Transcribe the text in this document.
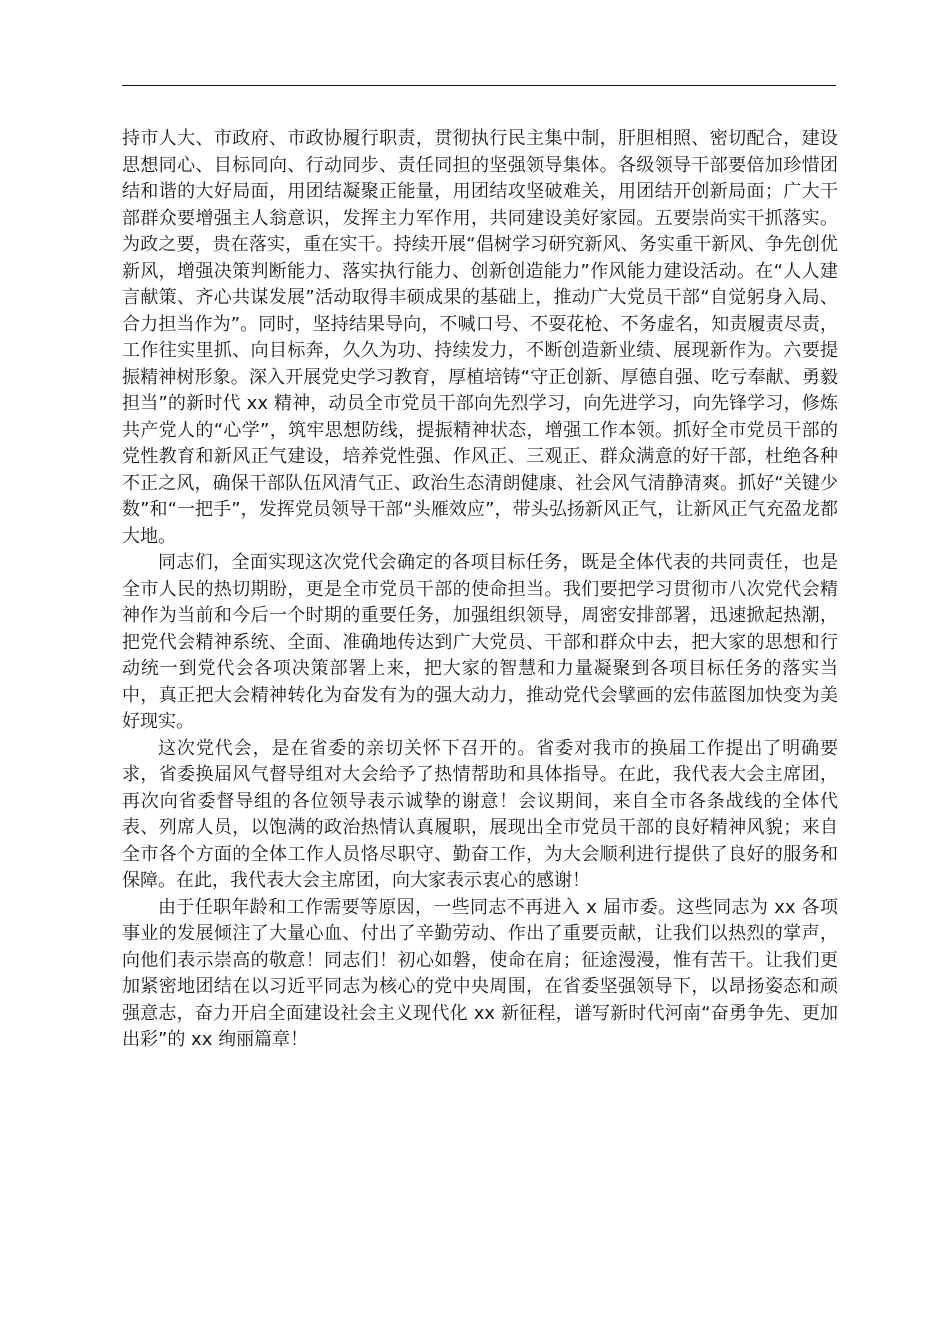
持市人大、市政府、市政协履行职责，贯彻执行民主集中制，肝胆相照、密切配合，建设思想同心、目标同向、行动同步、责任同担的坚强领导集体。各级领导干部要倍加珍惜团结和谐的大好局面，用团结凝聚正能量，用团结攻坚破难关，用团结开创新局面；广大干部群众要增强主人翁意识，发挥主力军作用，共同建设美好家园。五要崇尚实干抓落实。为政之要，贵在落实，重在实干。持续开展“倡树学习研究新风、务实重干新风、争先创优新风，增强决策判断能力、落实执行能力、创新创造能力”作风能力建设活动。在“人人建言献策、齐心共谋发展”活动取得丰硕成果的基础上，推动广大党员干部“自觉躬身入局、合力担当作为”。同时，坚持结果导向，不喊口号、不耍花枪、不务虚名，知责履责尽责，工作往实里抓、向目标奔，久久为功、持续发力，不断创造新业绩、展现新作为。六要提振精神树形象。深入开展党史学习教育，厚植培铸“守正创新、厚德自强、吃亏奉献、勇毅担当”的新时代 xx 精神，动员全市党员干部向先烈学习，向先进学习，向先锋学习，修炼共产党人的“心学”，筑牢思想防线，提振精神状态，增强工作本领。抓好全市党员干部的党性教育和新风正气建设，培养党性强、作风正、三观正、群众满意的好干部，杜绝各种不正之风，确保干部队伍风清气正、政治生态清朗健康、社会风气清静清爽。抓好“关键少数”和“一把手”，发挥党员领导干部“头雁效应”，带头弘扬新风正气，让新风正气充盈龙都大地。

同志们，全面实现这次党代会确定的各项目标任务，既是全体代表的共同责任，也是全市人民的热切期盼，更是全市党员干部的使命担当。我们要把学习贯彻市八次党代会精神作为当前和今后一个时期的重要任务，加强组织领导，周密安排部署，迅速掀起热潮，把党代会精神系统、全面、准确地传达到广大党员、干部和群众中去，把大家的思想和行动统一到党代会各项决策部署上来，把大家的智慧和力量凝聚到各项目标任务的落实当中，真正把大会精神转化为奋发有为的强大动力，推动党代会擘画的宏伟蓝图加快变为美好现实。

这次党代会，是在省委的亲切关怀下召开的。省委对我市的换届工作提出了明确要求，省委换届风气督导组对大会给予了热情帮助和具体指导。在此，我代表大会主席团，再次向省委督导组的各位领导表示诚挚的谢意！会议期间，来自全市各条战线的全体代表、列席人员，以饱满的政治热情认真履职，展现出全市党员干部的良好精神风貌；来自全市各个方面的全体工作人员恪尽职守、勤奋工作，为大会顺利进行提供了良好的服务和保障。在此，我代表大会主席团，向大家表示衷心的感谢！

由于任职年龄和工作需要等原因，一些同志不再进入 x 届市委。这些同志为 xx 各项事业的发展倾注了大量心血、付出了辛勤劳动、作出了重要贡献，让我们以热烈的掌声，向他们表示崇高的敬意！同志们！初心如磐，使命在肩；征途漫漫，惟有苦干。让我们更加紧密地团结在以习近平同志为核心的党中央周围，在省委坚强领导下，以昂扬姿态和顽强意志，奋力开启全面建设社会主义现代化 xx 新征程，谱写新时代河南“奋勇争先、更加出彩”的 xx 绚丽篇章！
